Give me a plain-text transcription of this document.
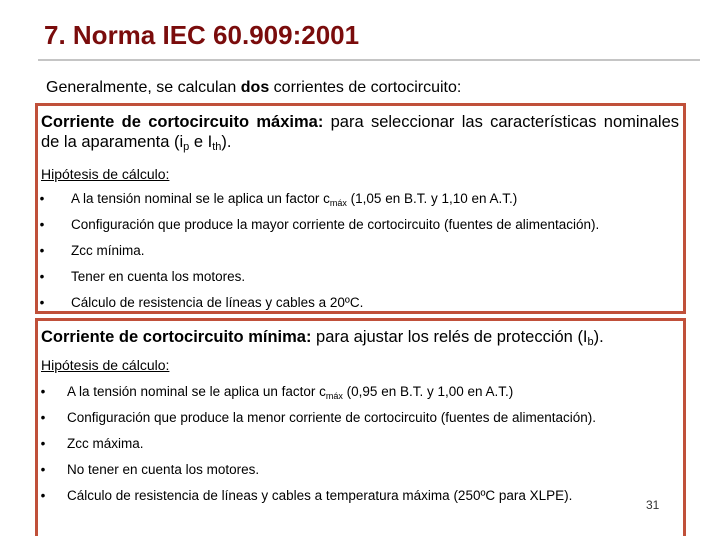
7. Norma IEC 60.909:2001
Generalmente, se calculan dos corrientes de cortocircuito:
Corriente de cortocircuito máxima: para seleccionar las características nominales de la aparamenta ($i_p$ e $I_{th}$).
Hipótesis de cálculo:
• A la tensión nominal se le aplica un factor $c_{máx}$ (1,05 en B.T. y 1,10 en A.T.)
• Configuración que produce la mayor corriente de cortocircuito (fuentes de alimentación).
• Zcc mínima.
• Tener en cuenta los motores.
• Cálculo de resistencia de líneas y cables a 20ºC.
Corriente de cortocircuito mínima: para ajustar los relés de protección $(I_b)$.
Hipótesis de cálculo:
• A la tensión nominal se le aplica un factor $c_{máx}$ (0,95 en B.T. y 1,00 en A.T.)
• Configuración que produce la menor corriente de cortocircuito (fuentes de alimentación).
• Zcc máxima.
• No tener en cuenta los motores.
• Cálculo de resistencia de líneas y cables a temperatura máxima (250ºC para XLPE).
31
